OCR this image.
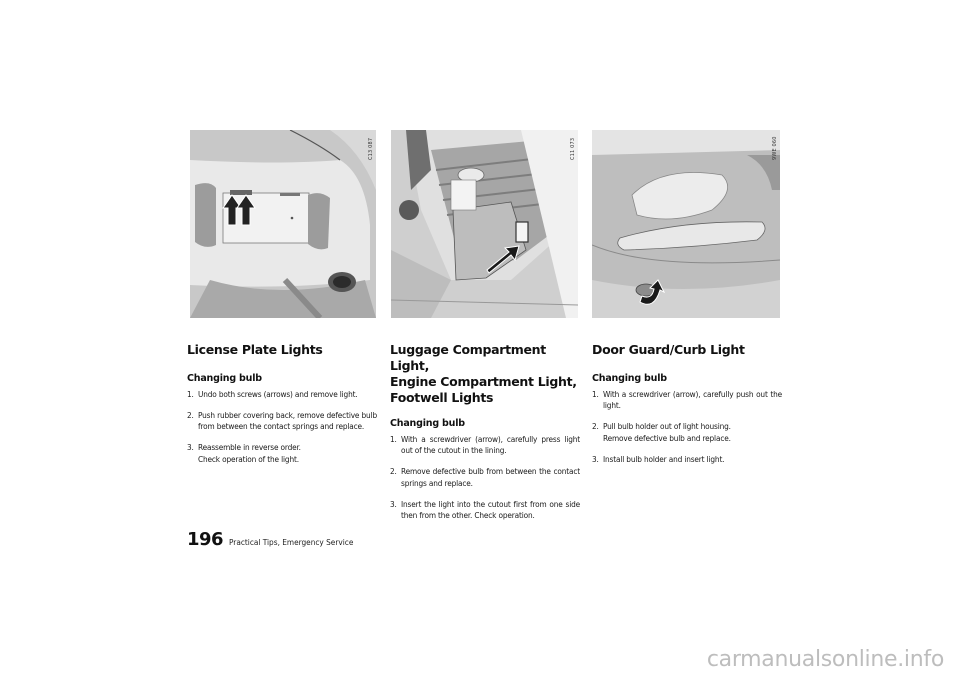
C13 087	C11 073	9WE 060
License Plate Lights
Changing bulb
1. Undo both screws (arrows) and remove light.
2. Push rubber covering back, remove defective bulb from between the contact springs and replace.
3. Reassemble in reverse order.
Check operation of the light.
Luggage Compartment Light,
Engine Compartment Light,
Footwell Lights
Changing bulb
1. With a screwdriver (arrow), carefully press light out of the cutout in the lining.
2. Remove defective bulb from between the contact springs and replace.
3. Insert the light into the cutout first from one side then from the other. Check operation.
Door Guard/Curb Light
Changing bulb
1. With a screwdriver (arrow), carefully push out the light.
2. Pull bulb holder out of light housing.
Remove defective bulb and replace.
3. Install bulb holder and insert light.
196 Practical Tips, Emergency Service
carmanualsonline.info
